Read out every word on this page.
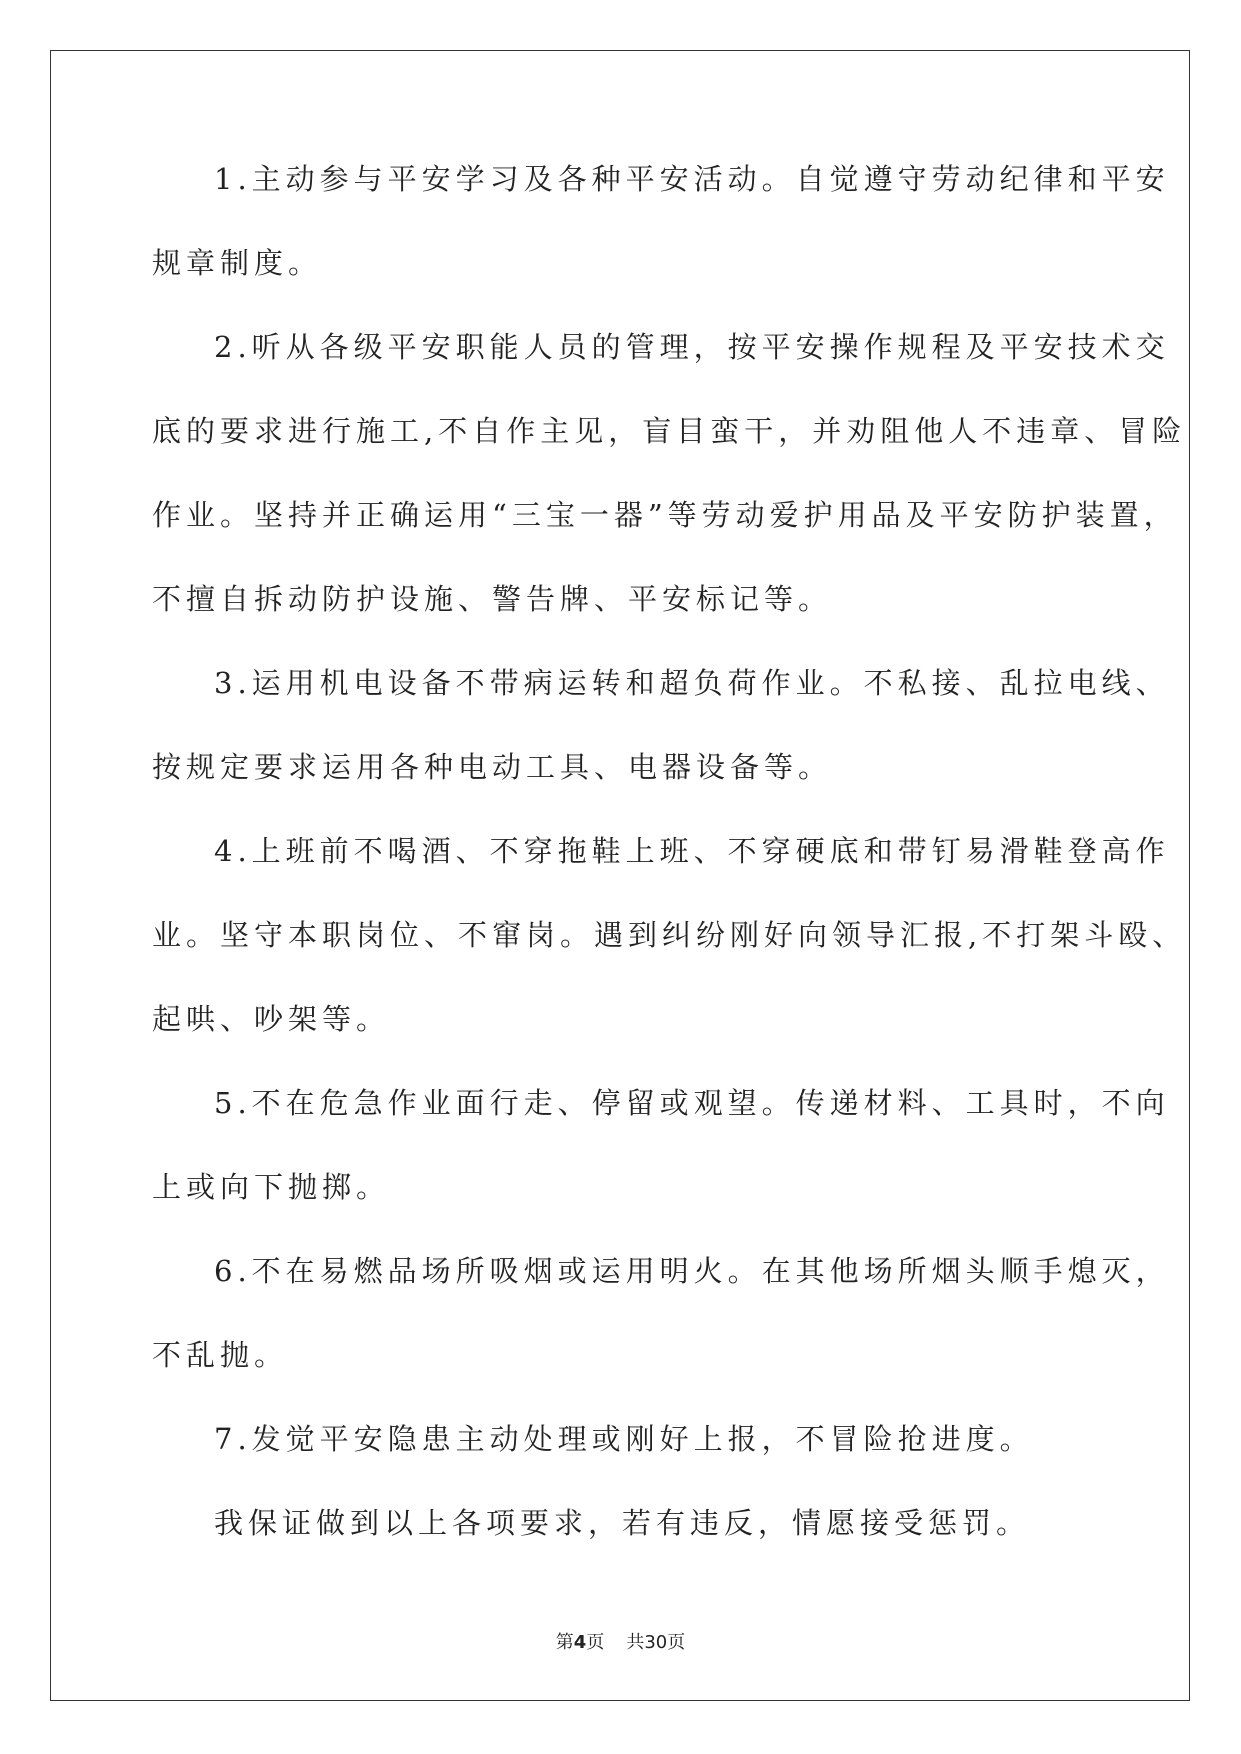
1.主动参与平安学习及各种平安活动。自觉遵守劳动纪律和平安
规章制度。
2.听从各级平安职能人员的管理，按平安操作规程及平安技术交
底的要求进行施工,不自作主见，盲目蛮干，并劝阻他人不违章、冒险
作业。坚持并正确运用“三宝一器”等劳动爱护用品及平安防护装置，
不擅自拆动防护设施、警告牌、平安标记等。
3.运用机电设备不带病运转和超负荷作业。不私接、乱拉电线、
按规定要求运用各种电动工具、电器设备等。
4.上班前不喝酒、不穿拖鞋上班、不穿硬底和带钉易滑鞋登高作
业。坚守本职岗位、不窜岗。遇到纠纷刚好向领导汇报,不打架斗殴、
起哄、吵架等。
5.不在危急作业面行走、停留或观望。传递材料、工具时，不向
上或向下抛掷。
6.不在易燃品场所吸烟或运用明火。在其他场所烟头顺手熄灭，
不乱抛。
7.发觉平安隐患主动处理或刚好上报，不冒险抢进度。
我保证做到以上各项要求，若有违反，情愿接受惩罚。
第4页 共30页
